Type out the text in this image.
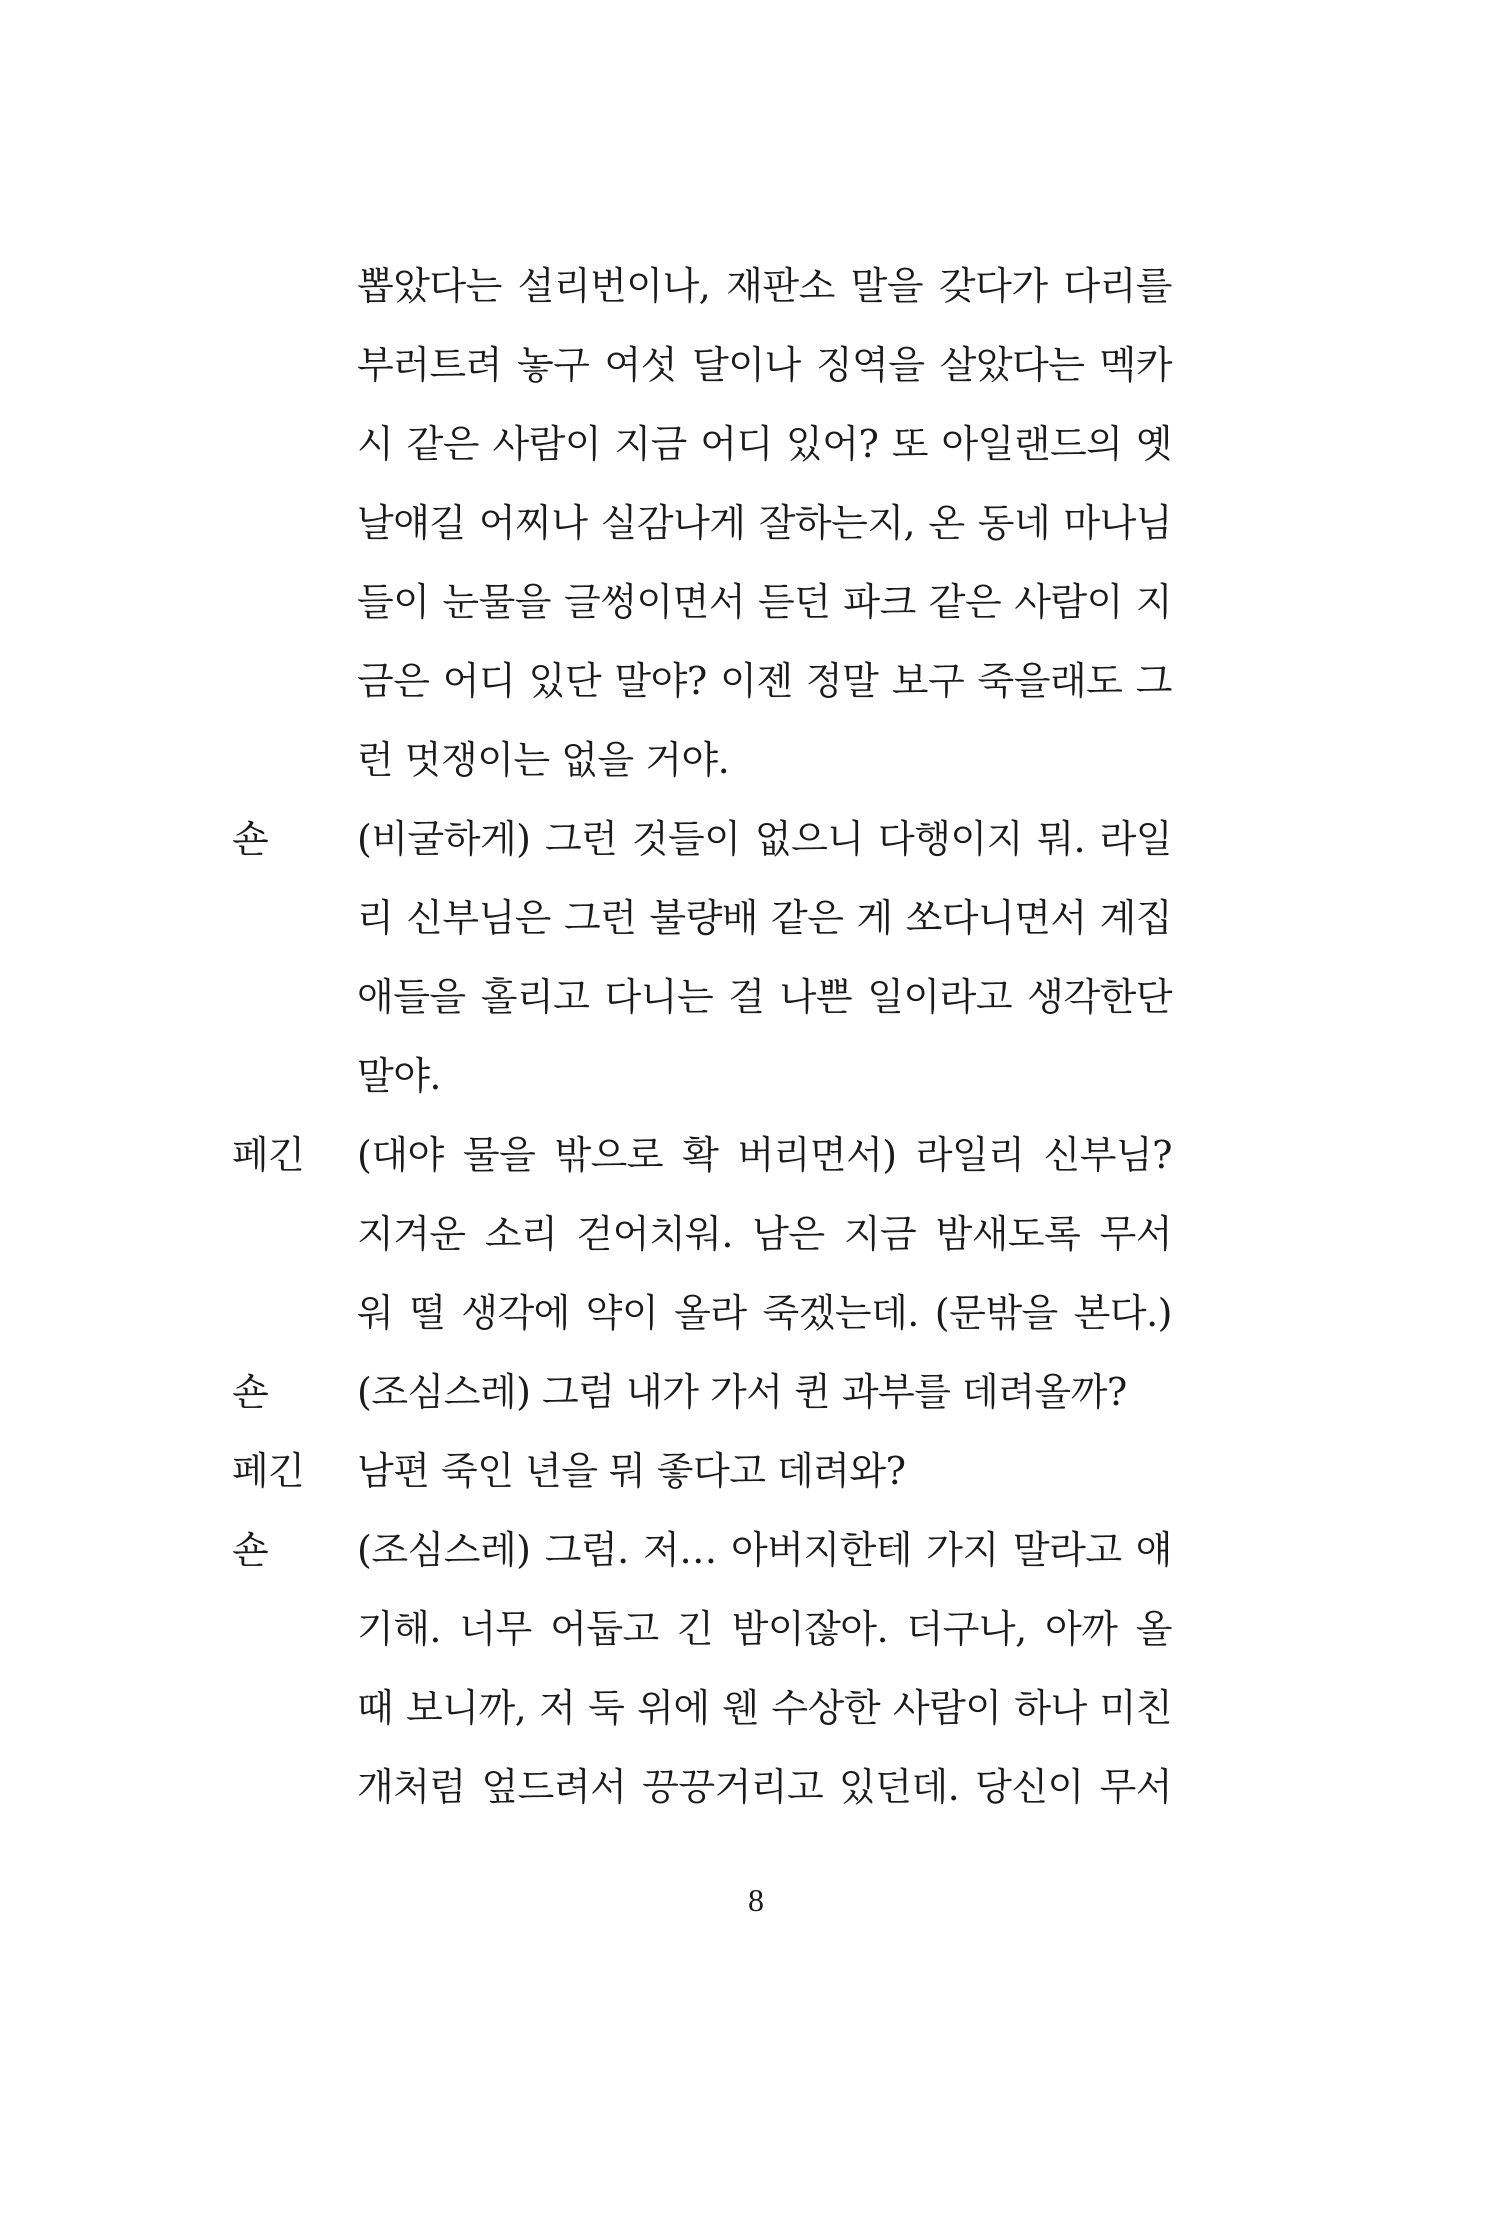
뽑았다는 설리번이나, 재판소 말을 갖다가 다리를
부러트려 놓구 여섯 달이나 징역을 살았다는 멕카
시 같은 사람이 지금 어디 있어? 또 아일랜드의 옛
날얘길 어찌나 실감나게 잘하는지, 온 동네 마나님
들이 눈물을 글썽이면서 듣던 파크 같은 사람이 지
금은 어디 있단 말야? 이젠 정말 보구 죽을래도 그
런 멋쟁이는 없을 거야.
숀	(비굴하게) 그런 것들이 없으니 다행이지 뭐. 라일
리 신부님은 그런 불량배 같은 게 쏘다니면서 계집
애들을 홀리고 다니는 걸 나쁜 일이라고 생각한단
말야.
페긴	(대야 물을 밖으로 확 버리면서) 라일리 신부님?
지겨운 소리 걷어치워. 남은 지금 밤새도록 무서
워 떨 생각에 약이 올라 죽겠는데. (문밖을 본다.)
숀	(조심스레) 그럼 내가 가서 퀸 과부를 데려올까?
페긴	남편 죽인 년을 뭐 좋다고 데려와?
숀	(조심스레) 그럼. 저… 아버지한테 가지 말라고 얘
기해. 너무 어둡고 긴 밤이잖아. 더구나, 아까 올
때 보니까, 저 둑 위에 웬 수상한 사람이 하나 미친
개처럼 엎드려서 끙끙거리고 있던데. 당신이 무서
8
